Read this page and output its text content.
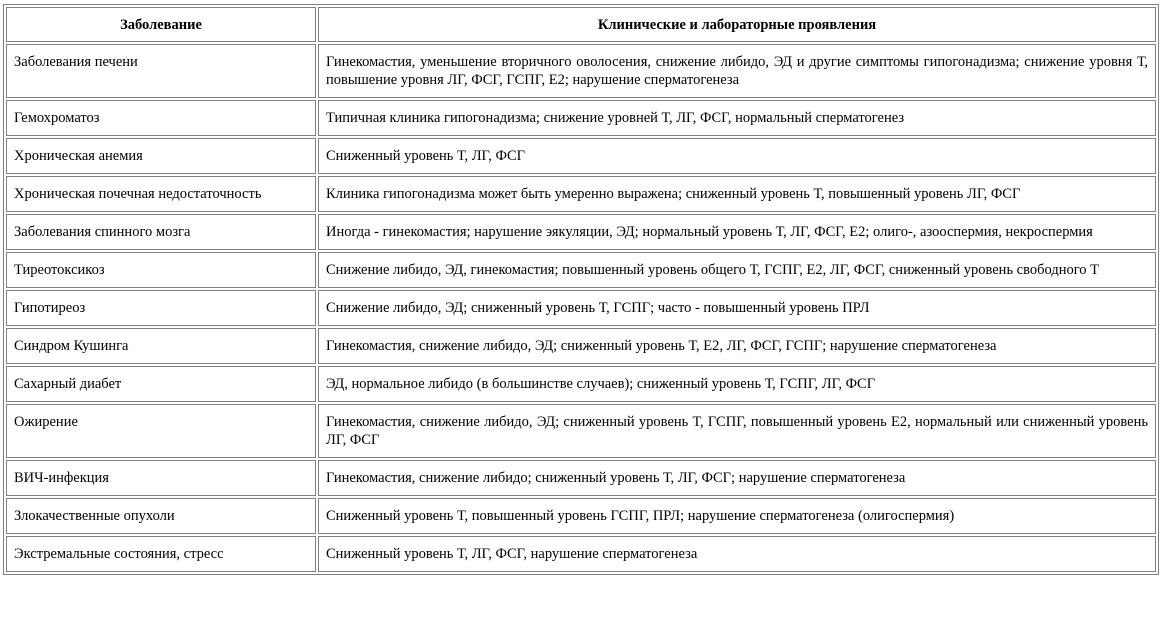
Заболевание	Клинические и лабораторные проявления
Заболевания печени	Гинекомастия, уменьшение вторичного оволосения, снижение либидо, ЭД и другие симптомы гипогонадизма; снижение уровня Т, повышение уровня ЛГ, ФСГ, ГСПГ, Е2; нарушение сперматогенеза
Гемохроматоз	Типичная клиника гипогонадизма; снижение уровней Т, ЛГ, ФСГ, нормальный сперматогенез
Хроническая анемия	Сниженный уровень Т, ЛГ, ФСГ
Хроническая почечная недостаточность	Клиника гипогонадизма может быть умеренно выражена; сниженный уровень Т, повышенный уровень ЛГ, ФСГ
Заболевания спинного мозга	Иногда - гинекомастия; нарушение эякуляции, ЭД; нормальный уровень Т, ЛГ, ФСГ, Е2; олиго-, азооспермия, некроспермия
Тиреотоксикоз	Снижение либидо, ЭД, гинекомастия; повышенный уровень общего Т, ГСПГ, Е2, ЛГ, ФСГ, сниженный уровень свободного Т
Гипотиреоз	Снижение либидо, ЭД; сниженный уровень Т, ГСПГ; часто - повышенный уровень ПРЛ
Синдром Кушинга	Гинекомастия, снижение либидо, ЭД; сниженный уровень Т, Е2, ЛГ, ФСГ, ГСПГ; нарушение сперматогенеза
Сахарный диабет	ЭД, нормальное либидо (в большинстве случаев); сниженный уровень Т, ГСПГ, ЛГ, ФСГ
Ожирение	Гинекомастия, снижение либидо, ЭД; сниженный уровень Т, ГСПГ, повышенный уровень Е2, нормальный или сниженный уровень ЛГ, ФСГ
ВИЧ-инфекция	Гинекомастия, снижение либидо; сниженный уровень Т, ЛГ, ФСГ; нарушение сперматогенеза
Злокачественные опухоли	Сниженный уровень Т, повышенный уровень ГСПГ, ПРЛ; нарушение сперматогенеза (олигоспермия)
Экстремальные состояния, стресс	Сниженный уровень Т, ЛГ, ФСГ, нарушение сперматогенеза
